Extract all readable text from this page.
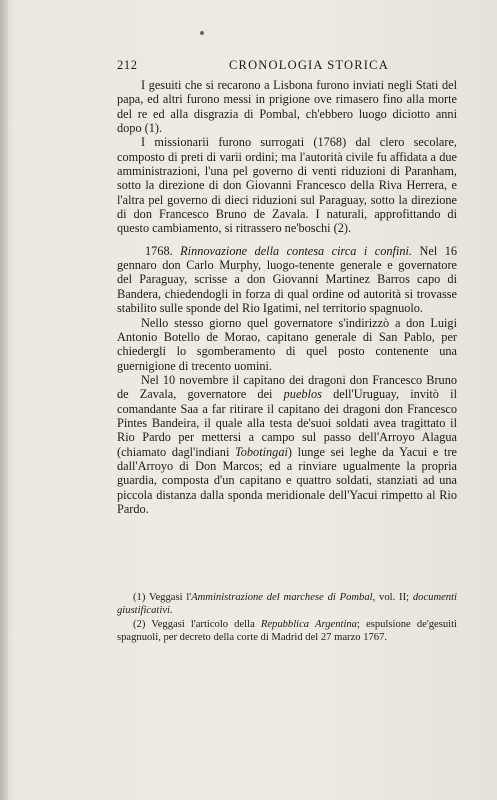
212	CRONOLOGIA STORICA

I gesuiti che si recarono a Lisbona furono inviati negli Stati del papa, ed altri furono messi in prigione ove rimasero fino alla morte del re ed alla disgrazia di Pombal, ch'ebbero luogo diciotto anni dopo (1).

I missionarii furono surrogati (1768) dal clero secolare, composto di preti di varii ordini; ma l'autorità civile fu affidata a due amministrazioni, l'una pel governo di venti riduzioni di Paranham, sotto la direzione di don Giovanni Francesco della Riva Herrera, e l'altra pel governo di dieci riduzioni sul Paraguay, sotto la direzione di don Francesco Bruno de Zavala. I naturali, approfittando di questo cambiamento, si ritrassero ne'boschi (2).

1768. Rinnovazione della contesa circa i confini. Nel 16 gennaro don Carlo Murphy, luogo-tenente generale e governatore del Paraguay, scrisse a don Giovanni Martinez Barros capo di Bandera, chiedendogli in forza di qual ordine od autorità si trovasse stabilito sulle sponde del Rio Igatimi, nel territorio spagnuolo.

Nello stesso giorno quel governatore s'indirizzò a don Luigi Antonio Botello de Morao, capitano generale di San Pablo, per chiedergli lo sgomberamento di quel posto contenente una guernigione di trecento uomini.

Nel 10 novembre il capitano dei dragoni don Francesco Bruno de Zavala, governatore dei pueblos dell'Uruguay, invitò il comandante Saa a far ritirare il capitano dei dragoni don Francesco Pintes Bandeira, il quale alla testa de'suoi soldati avea tragittato il Rio Pardo per mettersi a campo sul passo dell'Arroyo Alagua (chiamato dagl'indiani Tobotingai) lunge sei leghe da Yacui e tre dall'Arroyo di Don Marcos; ed a rinviare ugualmente la propria guardia, composta d'un capitano e quattro soldati, stanziati ad una piccola distanza dalla sponda meridionale dell'Yacui rimpetto al Rio Pardo.

(1) Veggasi l'Amministrazione del marchese di Pombal, vol. II; documenti giustificativi.

(2) Veggasi l'articolo della Repubblica Argentina; espulsione de'gesuiti spagnuoli, per decreto della corte di Madrid del 27 marzo 1767.
